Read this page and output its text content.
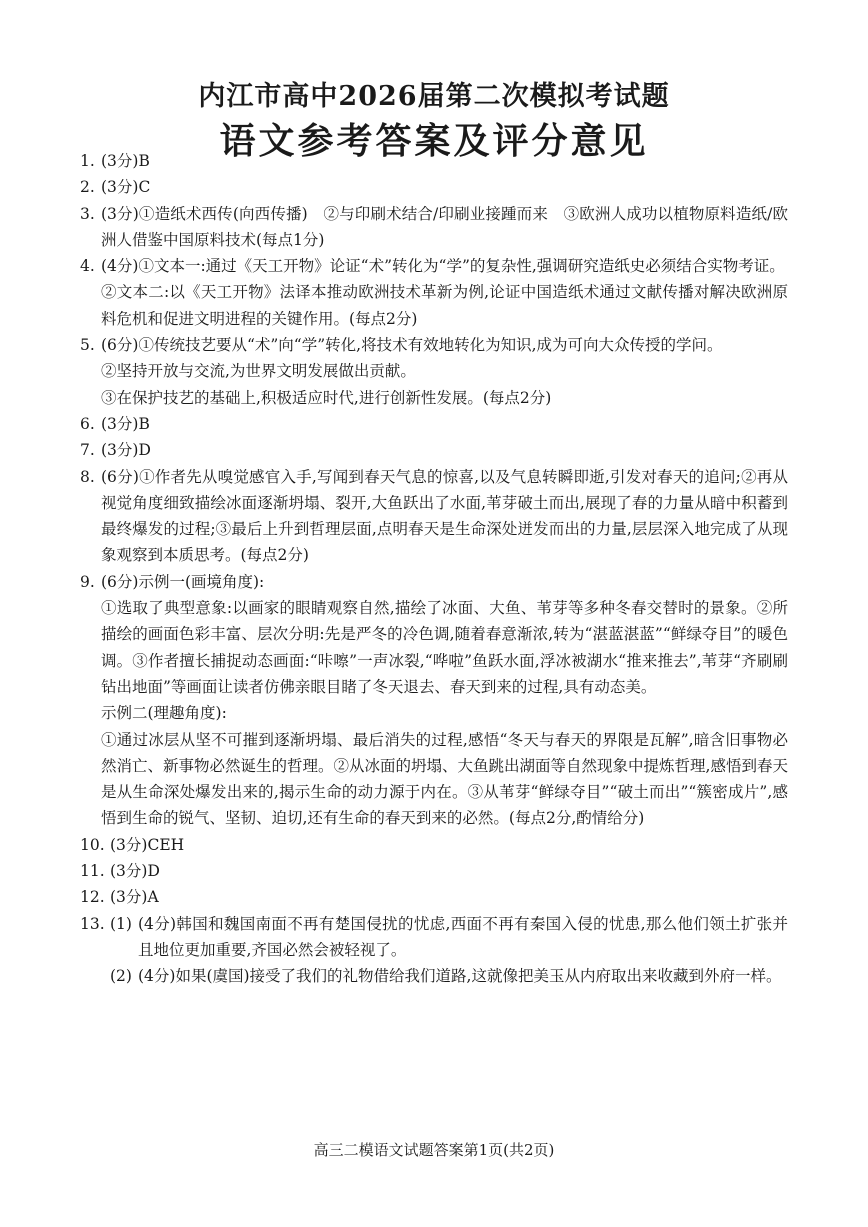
内江市高中2026届第二次模拟考试题
语文参考答案及评分意见
1. (3分)B
2. (3分)C
3. (3分)①造纸术西传(向西传播)　②与印刷术结合/印刷业接踵而来　③欧洲人成功以植物原料造纸/欧洲人借鉴中国原料技术(每点1分)
4. (4分)①文本一:通过《天工开物》论证“术”转化为“学”的复杂性,强调研究造纸史必须结合实物考证。
②文本二:以《天工开物》法译本推动欧洲技术革新为例,论证中国造纸术通过文献传播对解决欧洲原料危机和促进文明进程的关键作用。(每点2分)
5. (6分)①传统技艺要从“术”向“学”转化,将技术有效地转化为知识,成为可向大众传授的学问。
②坚持开放与交流,为世界文明发展做出贡献。
③在保护技艺的基础上,积极适应时代,进行创新性发展。(每点2分)
6. (3分)B
7. (3分)D
8. (6分)①作者先从嗅觉感官入手,写闻到春天气息的惊喜,以及气息转瞬即逝,引发对春天的追问;②再从视觉角度细致描绘冰面逐渐坍塌、裂开,大鱼跃出了水面,苇芽破土而出,展现了春的力量从暗中积蓄到最终爆发的过程;③最后上升到哲理层面,点明春天是生命深处迸发而出的力量,层层深入地完成了从现象观察到本质思考。(每点2分)
9. (6分)示例一(画境角度):
①选取了典型意象:以画家的眼睛观察自然,描绘了冰面、大鱼、苇芽等多种冬春交替时的景象。②所描绘的画面色彩丰富、层次分明:先是严冬的冷色调,随着春意渐浓,转为“湛蓝湛蓝”“鲜绿夺目”的暖色调。③作者擅长捕捉动态画面:“咔嚓”一声冰裂,“哗啦”鱼跃水面,浮冰被湖水“推来推去”,苇芽“齐刷刷钻出地面”等画面让读者仿佛亲眼目睹了冬天退去、春天到来的过程,具有动态美。
示例二(理趣角度):
①通过冰层从坚不可摧到逐渐坍塌、最后消失的过程,感悟“冬天与春天的界限是瓦解”,暗含旧事物必然消亡、新事物必然诞生的哲理。②从冰面的坍塌、大鱼跳出湖面等自然现象中提炼哲理,感悟到春天是从生命深处爆发出来的,揭示生命的动力源于内在。③从苇芽“鲜绿夺目”“破土而出”“簇密成片”,感悟到生命的锐气、坚韧、迫切,还有生命的春天到来的必然。(每点2分,酌情给分)
10. (3分)CEH
11. (3分)D
12. (3分)A
13. (1) (4分)韩国和魏国南面不再有楚国侵扰的忧虑,西面不再有秦国入侵的忧患,那么他们领土扩张并且地位更加重要,齐国必然会被轻视了。
(2) (4分)如果(虞国)接受了我们的礼物借给我们道路,这就像把美玉从内府取出来收藏到外府一样。
高三二模语文试题答案第1页(共2页)
